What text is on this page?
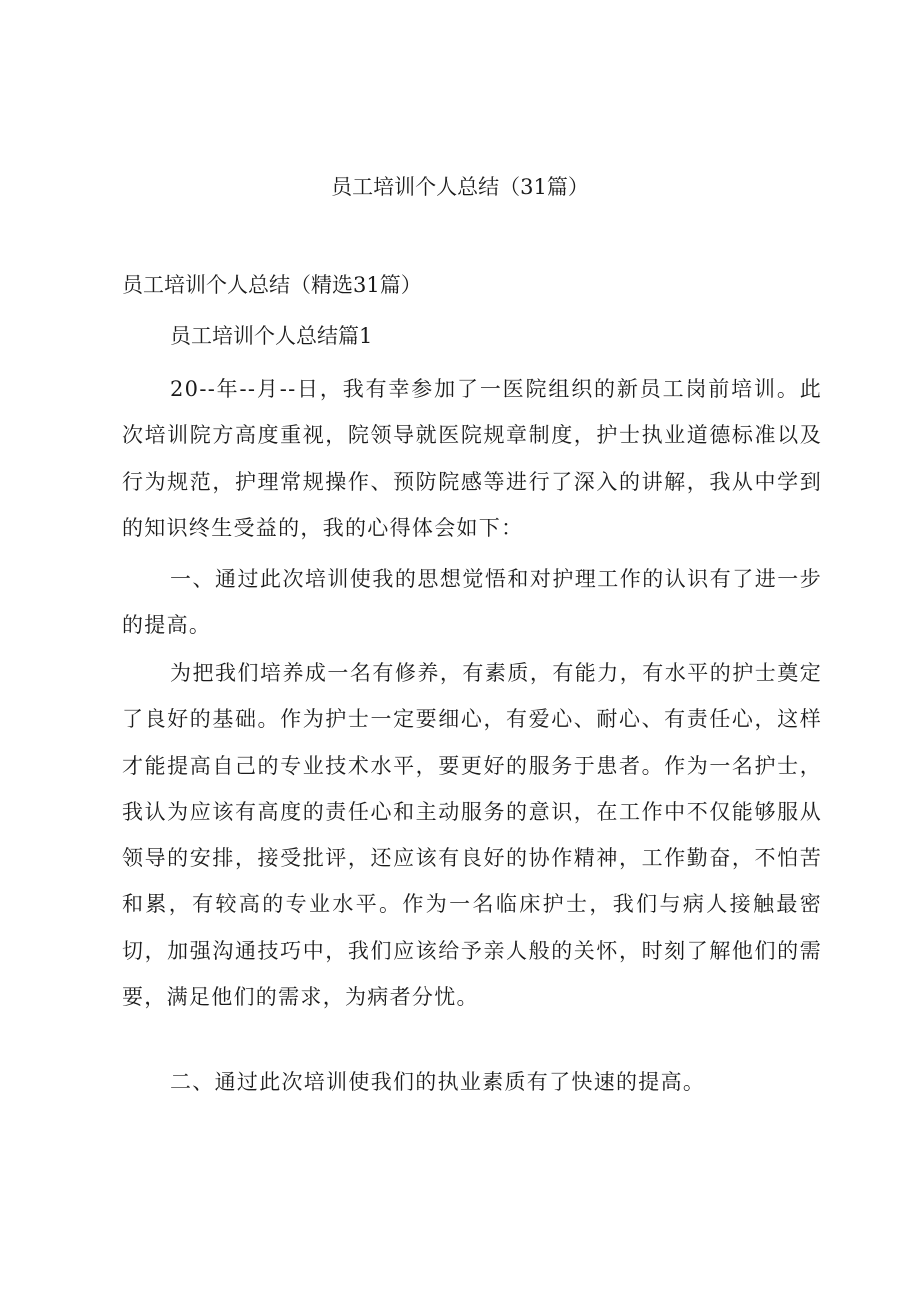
员工培训个人总结（31篇）

员工培训个人总结（精选31篇）

员工培训个人总结篇1

20--年--月--日，我有幸参加了一医院组织的新员工岗前培训。此次培训院方高度重视，院领导就医院规章制度，护士执业道德标准以及行为规范，护理常规操作、预防院感等进行了深入的讲解，我从中学到的知识终生受益的，我的心得体会如下：

一、通过此次培训使我的思想觉悟和对护理工作的认识有了进一步的提高。

为把我们培养成一名有修养，有素质，有能力，有水平的护士奠定了良好的基础。作为护士一定要细心，有爱心、耐心、有责任心，这样才能提高自己的专业技术水平，要更好的服务于患者。作为一名护士，我认为应该有高度的责任心和主动服务的意识，在工作中不仅能够服从领导的安排，接受批评，还应该有良好的协作精神，工作勤奋，不怕苦和累，有较高的专业水平。作为一名临床护士，我们与病人接触最密切，加强沟通技巧中，我们应该给予亲人般的关怀，时刻了解他们的需要，满足他们的需求，为病者分忧。

二、通过此次培训使我们的执业素质有了快速的提高。
